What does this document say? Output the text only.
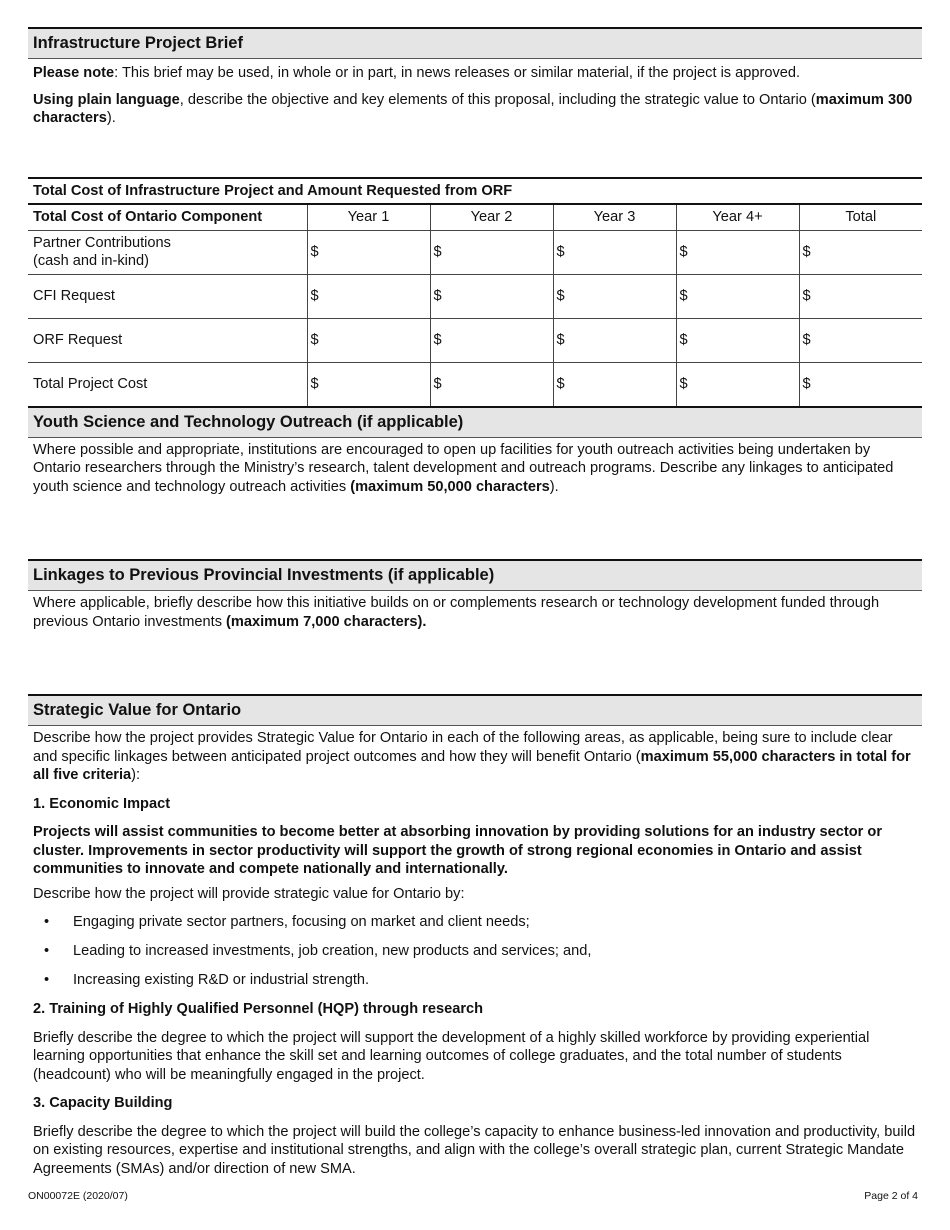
Infrastructure Project Brief

Please note: This brief may be used, in whole or in part, in news releases or similar material, if the project is approved.

Using plain language, describe the objective and key elements of this proposal, including the strategic value to Ontario (maximum 300 characters).

Total Cost of Infrastructure Project and Amount Requested from ORF					
Total Cost of Ontario Component	Year 1	Year 2	Year 3	Year 4+	Total
Partner Contributions
(cash and in-kind)	$	$	$	$	$
CFI Request	$	$	$	$	$
ORF Request	$	$	$	$	$
Total Project Cost	$	$	$	$	$
Youth Science and Technology Outreach (if applicable)

Where possible and appropriate, institutions are encouraged to open up facilities for youth outreach activities being undertaken by Ontario researchers through the Ministry’s research, talent development and outreach programs. Describe any linkages to anticipated youth science and technology outreach activities (maximum 50,000 characters).

Linkages to Previous Provincial Investments (if applicable)

Where applicable, briefly describe how this initiative builds on or complements research or technology development funded through previous Ontario investments (maximum 7,000 characters).

Strategic Value for Ontario

Describe how the project provides Strategic Value for Ontario in each of the following areas, as applicable, being sure to include clear and specific linkages between anticipated project outcomes and how they will benefit Ontario (maximum 55,000 characters in total for all five criteria):

1. Economic Impact

Projects will assist communities to become better at absorbing innovation by providing solutions for an industry sector or cluster. Improvements in sector productivity will support the growth of strong regional economies in Ontario and assist communities to innovate and compete nationally and internationally.

Describe how the project will provide strategic value for Ontario by:

• Engaging private sector partners, focusing on market and client needs;
• Leading to increased investments, job creation, new products and services; and,
• Increasing existing R&D or industrial strength.
2. Training of Highly Qualified Personnel (HQP) through research

Briefly describe the degree to which the project will support the development of a highly skilled workforce by providing experiential learning opportunities that enhance the skill set and learning outcomes of college graduates, and the total number of students (headcount) who will be meaningfully engaged in the project.

3. Capacity Building

Briefly describe the degree to which the project will build the college’s capacity to enhance business-led innovation and productivity, build on existing resources, expertise and institutional strengths, and align with the college’s overall strategic plan, current Strategic Mandate Agreements (SMAs) and/or direction of new SMA.

ON00072E (2020/07)	Page 2 of 4
